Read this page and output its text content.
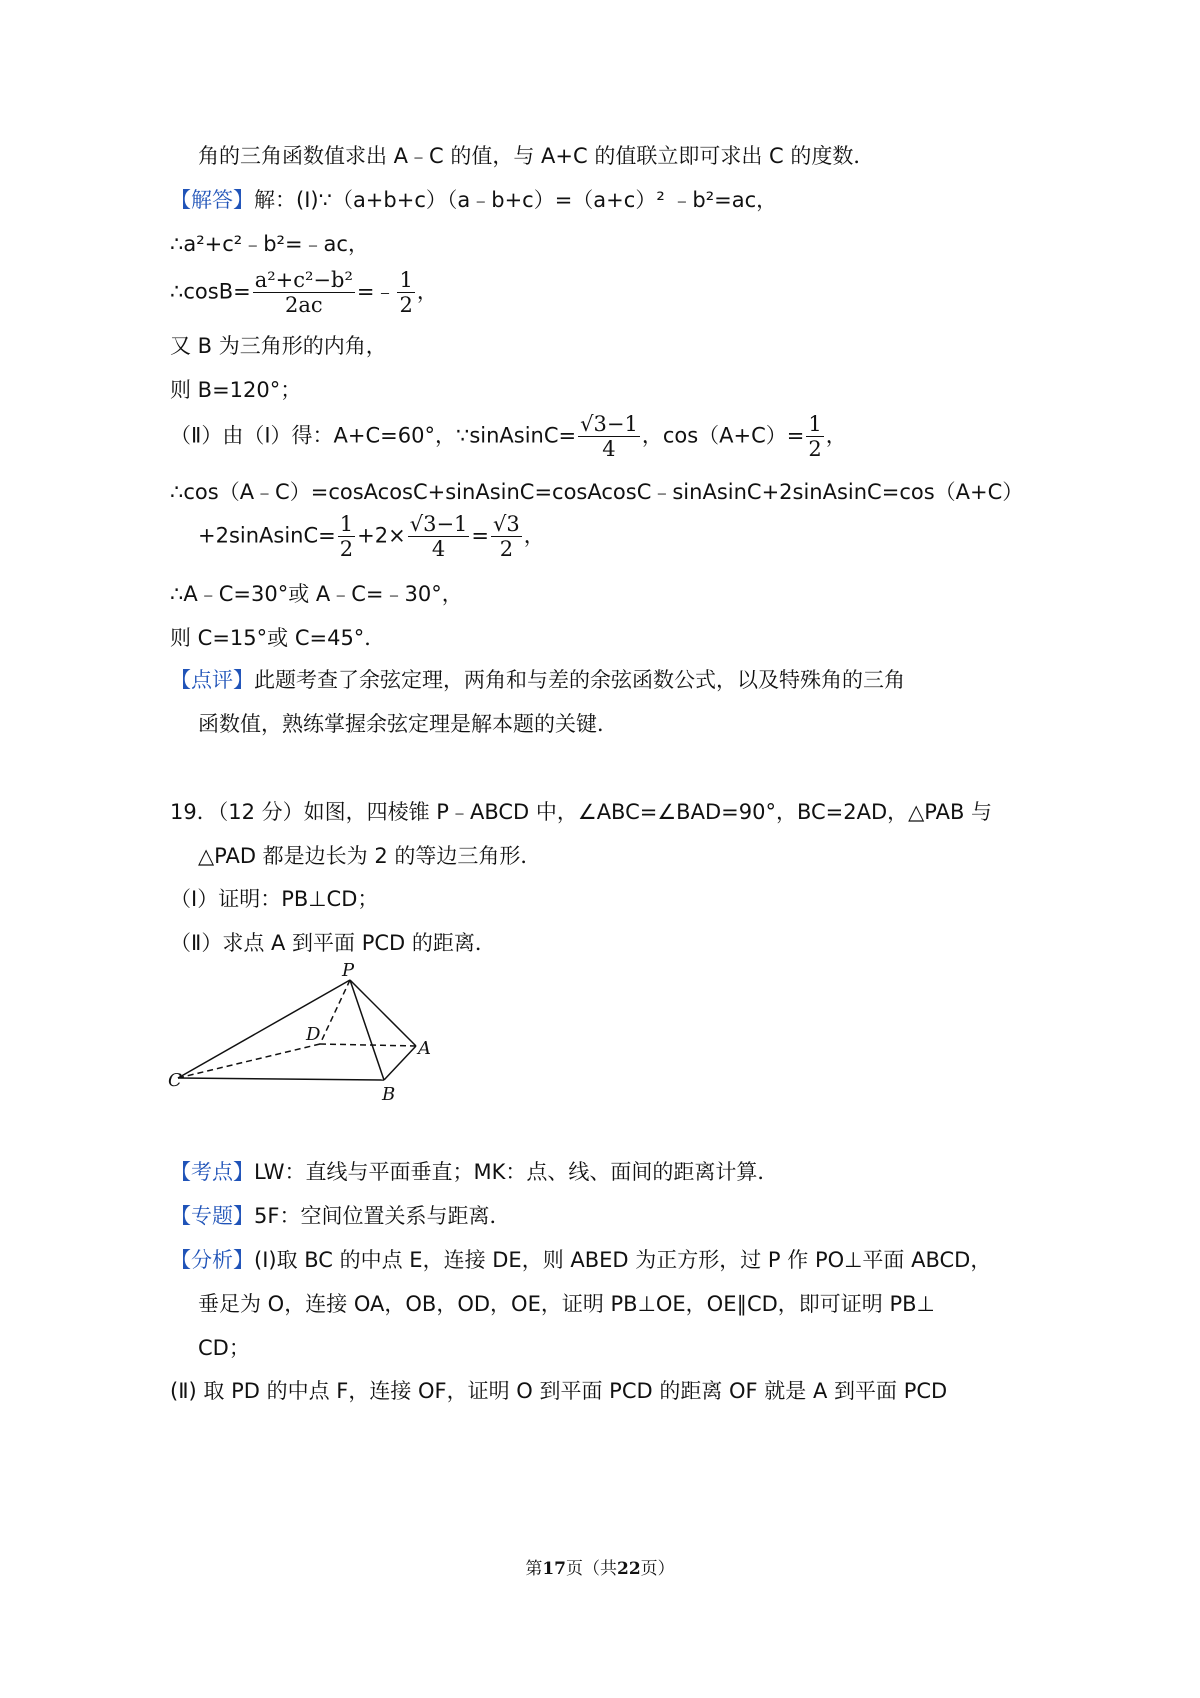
角的三角函数值求出 A﹣C 的值，与 A+C 的值联立即可求出 C 的度数．
【解答】解：(Ⅰ)∵（a+b+c）（a﹣b+c）=（a+c）² ﹣b²=ac，
∴a²+c²﹣b²=﹣ac，
∴cosB= $\frac{\text{a²+c²−b²}}{2ac}$ =﹣ $\frac{1}{2}$ ，
又 B 为三角形的内角，
则 B=120°；
（Ⅱ）由（Ⅰ）得：A+C=60°，∵sinAsinC= $\frac{√3-1}{4}$ ，$\cos(A+C)= \frac{1}{2}$ ，
∴cos（A﹣C）=cosAcosC+sinAsinC=cosAcosC﹣sinAsinC+2sinAsinC=cos（A+C）
+2sinAsinC= $\frac{1}{2} +2\times \frac{√3-1}{4} = \frac{√3}{2}$ ，
∴A﹣C=30°或 A﹣C=﹣30°，
则 C=15°或 C=45°．
【点评】此题考查了余弦定理，两角和与差的余弦函数公式，以及特殊角的三角
函数值，熟练掌握余弦定理是解本题的关键．
19．（12 分）如图，四棱锥 P﹣ABCD 中，∠ABC=∠BAD=90°，BC=2AD，△PAB 与
△PAD 都是边长为 2 的等边三角形．
（Ⅰ）证明：PB⊥CD；
（Ⅱ）求点 A 到平面 PCD 的距离．
P
D
A
C
B
【考点】LW：直线与平面垂直；MK：点、线、面间的距离计算．
【专题】5F：空间位置关系与距离．
【分析】(Ⅰ)取 BC 的中点 E，连接 DE，则 ABED 为正方形，过 P 作 PO⊥平面 ABCD，
垂足为 O，连接 OA，OB，OD，OE，证明 PB⊥OE，OE∥CD，即可证明 PB⊥
CD；
(Ⅱ) 取 PD 的中点 F，连接 OF，证明 O 到平面 PCD 的距离 OF 就是 A 到平面 PCD
第17页（共22页）
